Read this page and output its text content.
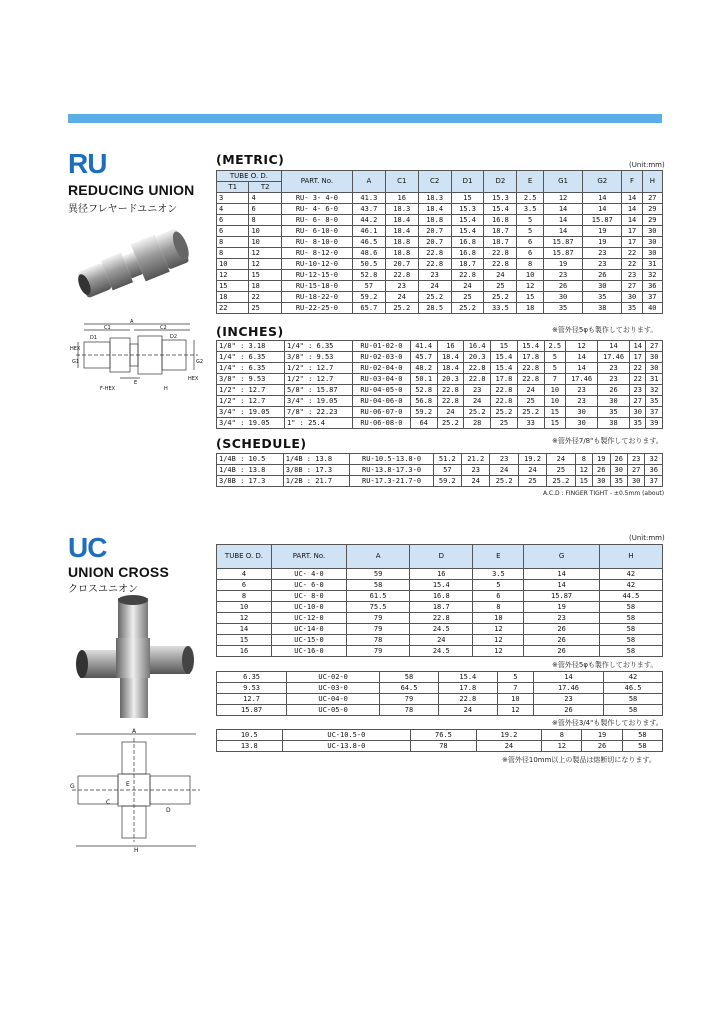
RU
REDUCING UNION
異径フレヤードユニオン
A
C1	C2
D1	D2
HEX
G1	G2
HEX
E
F-HEX	H
(METRIC)	(Unit:mm)
TUBE O. D.		PART. No.	A	C1	C2	D1	D2	E	G1	G2	F	H
T1	T2											
3	4	RU- 3- 4-0	41.3	16	18.3	15	15.3	2.5	12	14	14	27
4	6	RU- 4- 6-0	43.7	18.3	18.4	15.3	15.4	3.5	14	14	14	29
6	8	RU- 6- 8-0	44.2	18.4	18.8	15.4	16.8	5	14	15.87	14	29
6	10	RU- 6-10-0	46.1	18.4	20.7	15.4	18.7	5	14	19	17	30
8	10	RU- 8-10-0	46.5	18.8	20.7	16.8	18.7	6	15.87	19	17	30
8	12	RU- 8-12-0	48.6	18.8	22.8	16.8	22.8	6	15.87	23	22	30
10	12	RU-10-12-0	50.5	20.7	22.8	18.7	22.8	8	19	23	22	31
12	15	RU-12-15-0	52.8	22.8	23	22.8	24	10	23	26	23	32
15	18	RU-15-18-0	57	23	24	24	25	12	26	30	27	36
18	22	RU-18-22-0	59.2	24	25.2	25	25.2	15	30	35	30	37
22	25	RU-22-25-0	65.7	25.2	28.5	25.2	33.5	18	35	38	35	40
※管外径5φも製作しております。
(INCHES)
1/8" : 3.18	1/4" : 6.35	RU-01-02-0	41.4	16	16.4	15	15.4	2.5	12	14	14	27
1/4" : 6.35	3/8" : 9.53	RU-02-03-0	45.7	18.4	20.3	15.4	17.8	5	14	17.46	17	30
1/4" : 6.35	1/2" : 12.7	RU-02-04-0	48.2	18.4	22.8	15.4	22.8	5	14	23	22	30
3/8" : 9.53	1/2" : 12.7	RU-03-04-0	50.1	20.3	22.8	17.8	22.8	7	17.46	23	22	31
1/2" : 12.7	5/8" : 15.87	RU-04-05-0	52.8	22.8	23	22.8	24	10	23	26	23	32
1/2" : 12.7	3/4" : 19.05	RU-04-06-0	56.8	22.8	24	22.8	25	10	23	30	27	35
3/4" : 19.05	7/8" : 22.23	RU-06-07-0	59.2	24	25.2	25.2	25.2	15	30	35	30	37
3/4" : 19.05	1" : 25.4	RU-06-08-0	64	25.2	28	25	33	15	30	38	35	39
※管外径7/8"も製作しております。
(SCHEDULE)
1/4B : 10.5	1/4B : 13.8	RU-10.5-13.8-0	51.2	21.2	23	19.2	24	8	19	26	23	32
1/4B : 13.8	3/8B : 17.3	RU-13.8-17.3-0	57	23	24	24	25	12	26	30	27	36
3/8B : 17.3	1/2B : 21.7	RU-17.3-21.7-0	59.2	24	25.2	25	25.2	15	30	35	30	37
A.C.D : FINGER TIGHT - ±0.5mm (about)
UC
UNION CROSS
クロスユニオン
A
G	E
D
C
H
(Unit:mm)
TUBE O. D.	PART. No.	A	D	E	G	H
4	UC- 4-0	59	16	3.5	14	42
6	UC- 6-0	58	15.4	5	14	42
8	UC- 8-0	61.5	16.8	6	15.87	44.5
10	UC-10-0	75.5	18.7	8	19	58
12	UC-12-0	79	22.8	10	23	58
14	UC-14-0	79	24.5	12	26	58
15	UC-15-0	78	24	12	26	58
16	UC-16-0	79	24.5	12	26	58
※管外径5φも製作しております。
6.35	UC-02-0	58	15.4	5	14	42
9.53	UC-03-0	64.5	17.8	7	17.46	46.5
12.7	UC-04-0	79	22.8	10	23	58
15.87	UC-05-0	78	24	12	26	58
※管外径3/4"も製作しております。
10.5	UC-10.5-0	76.5	19.2	8	19	58
13.8	UC-13.8-0	78	24	12	26	58
※管外径10mm以上の製品は熔断切になります。
